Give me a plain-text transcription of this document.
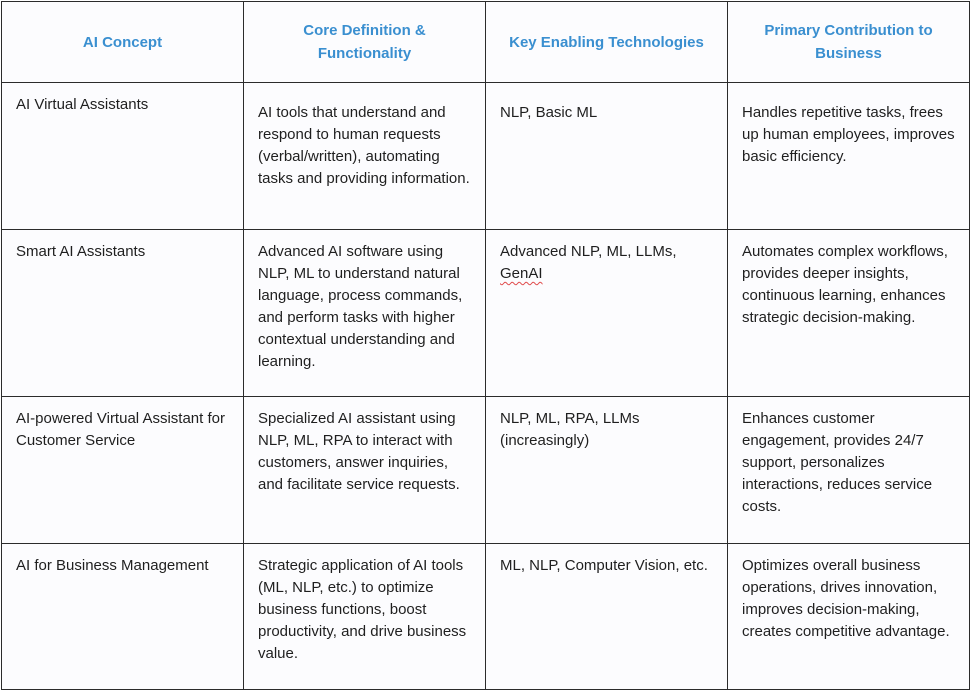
AI Concept	Core Definition & Functionality	Key Enabling Technologies	Primary Contribution to Business
AI Virtual Assistants	AI tools that understand and respond to human requests (verbal/written), automating tasks and providing information.	NLP, Basic ML	Handles repetitive tasks, frees up human employees, improves basic efficiency.
Smart AI Assistants	Advanced AI software using NLP, ML to understand natural language, process commands, and perform tasks with higher contextual understanding and learning.	Advanced NLP, ML, LLMs, GenAI	Automates complex workflows, provides deeper insights, continuous learning, enhances strategic decision-making.
AI-powered Virtual Assistant for Customer Service	Specialized AI assistant using NLP, ML, RPA to interact with customers, answer inquiries, and facilitate service requests.	NLP, ML, RPA, LLMs (increasingly)	Enhances customer engagement, provides 24/7 support, personalizes interactions, reduces service costs.
AI for Business Management	Strategic application of AI tools (ML, NLP, etc.) to optimize business functions, boost productivity, and drive business value.	ML, NLP, Computer Vision, etc.	Optimizes overall business operations, drives innovation, improves decision-making, creates competitive advantage.
